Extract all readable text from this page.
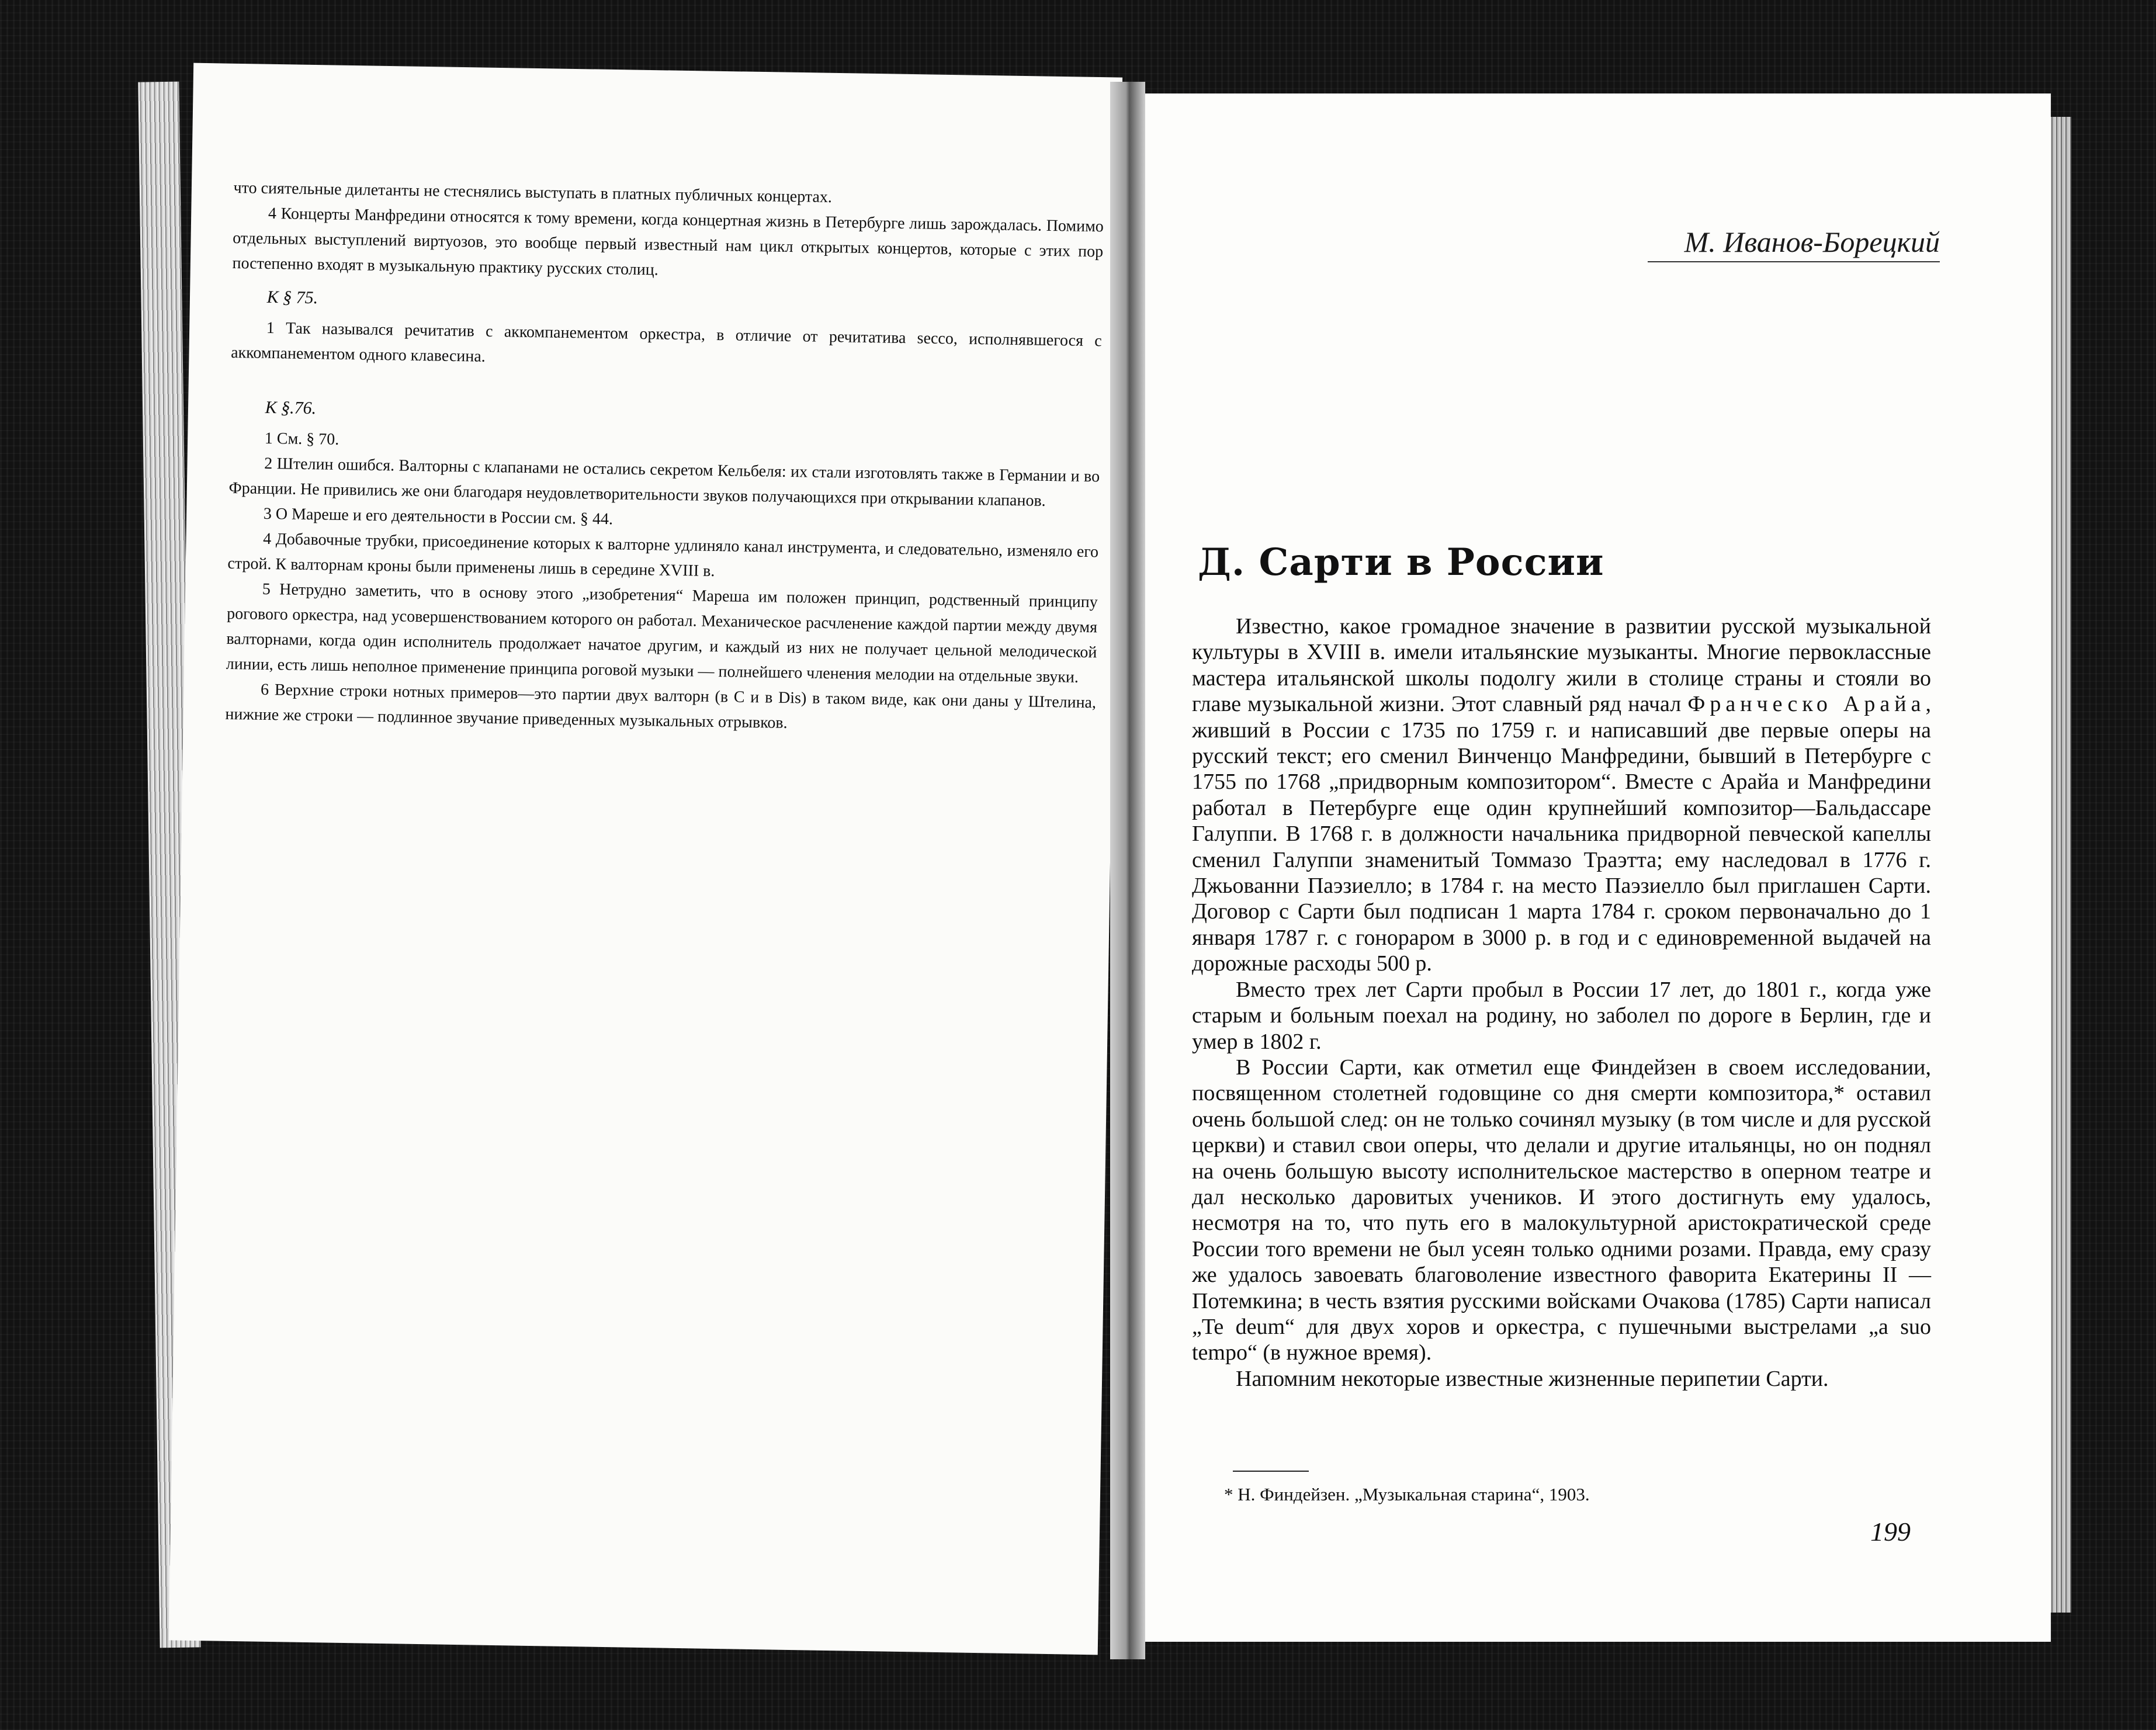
что сиятельные дилетанты не стеснялись выступать в платных публичных концертах.

4 Концерты Манфредини относятся к тому времени, когда концертная жизнь в Петербурге лишь зарождалась. Помимо отдельных выступлений виртуозов, это вообще первый известный нам цикл открытых концертов, которые с этих пор постепенно входят в музыкальную практику русских столиц.

К § 75.

1 Так назывался речитатив с аккомпанементом оркестра, в отличие от речитатива secco, исполнявшегося с аккомпанементом одного клавесина.

К §.76.

1 См. § 70.

2 Штелин ошибся. Валторны с клапанами не остались секретом Кельбеля: их стали изготовлять также в Германии и во Франции. Не привились же они благодаря неудовлетворительности звуков получающихся при открывании клапанов.

3 О Мареше и его деятельности в России см. § 44.

4 Добавочные трубки, присоединение которых к валторне удлиняло канал инструмента, и следовательно, изменяло его строй. К валторнам кроны были применены лишь в середине XVIII в.

5 Нетрудно заметить, что в основу этого „изобретения“ Мареша им положен принцип, родственный принципу рогового оркестра, над усовершенствованием которого он работал. Механическое расчленение каждой партии между двумя валторнами, когда один исполнитель продолжает начатое другим, и каждый из них не получает цельной мелодической линии, есть лишь неполное применение принципа роговой музыки — полнейшего членения мелодии на отдельные звуки.

6 Верхние строки нотных примеров—это партии двух валторн (в С и в Dis) в таком виде, как они даны у Штелина, нижние же строки — подлинное звучание приведенных музыкальных отрывков.

М. Иванов-Борецкий
Д. Сарти в России

Известно, какое громадное значение в развитии русской музыкальной культуры в XVIII в. имели итальянские музыканты. Многие первоклассные мастера итальянской школы подолгу жили в столице страны и стояли во главе музыкальной жизни. Этот славный ряд начал Франческо Арайа, живший в России с 1735 по 1759 г. и написавший две первые оперы на русский текст; его сменил Винченцо Манфредини, бывший в Петербурге с 1755 по 1768 „придворным композитором“. Вместе с Арайа и Манфредини работал в Петербурге еще один крупнейший композитор—Бальдассаре Галуппи. В 1768 г. в должности начальника придворной певческой капеллы сменил Галуппи знаменитый Томмазо Траэтта; ему наследовал в 1776 г. Джьованни Паэзиелло; в 1784 г. на место Паэзиелло был приглашен Сарти. Договор с Сарти был подписан 1 марта 1784 г. сроком первоначально до 1 января 1787 г. с гонораром в 3000 р. в год и с единовременной выдачей на дорожные расходы 500 р.

Вместо трех лет Сарти пробыл в России 17 лет, до 1801 г., когда уже старым и больным поехал на родину, но заболел по дороге в Берлин, где и умер в 1802 г.

В России Сарти, как отметил еще Финдейзен в своем исследовании, посвященном столетней годовщине со дня смерти композитора,* оставил очень большой след: он не только сочинял музыку (в том числе и для русской церкви) и ставил свои оперы, что делали и другие итальянцы, но он поднял на очень большую высоту исполнительское мастерство в оперном театре и дал несколько даровитых учеников. И этого достигнуть ему удалось, несмотря на то, что путь его в малокультурной аристократической среде России того времени не был усеян только одними розами. Правда, ему сразу же удалось завоевать благоволение известного фаворита Екатерины II — Потемкина; в честь взятия русскими войсками Очакова (1785) Сарти написал „Te deum“ для двух хоров и оркестра, с пушечными выстрелами „a suo tempo“ (в нужное время).

Напомним некоторые известные жизненные перипетии Сарти.

* Н. Финдейзен. „Музыкальная старина“, 1903.
199
